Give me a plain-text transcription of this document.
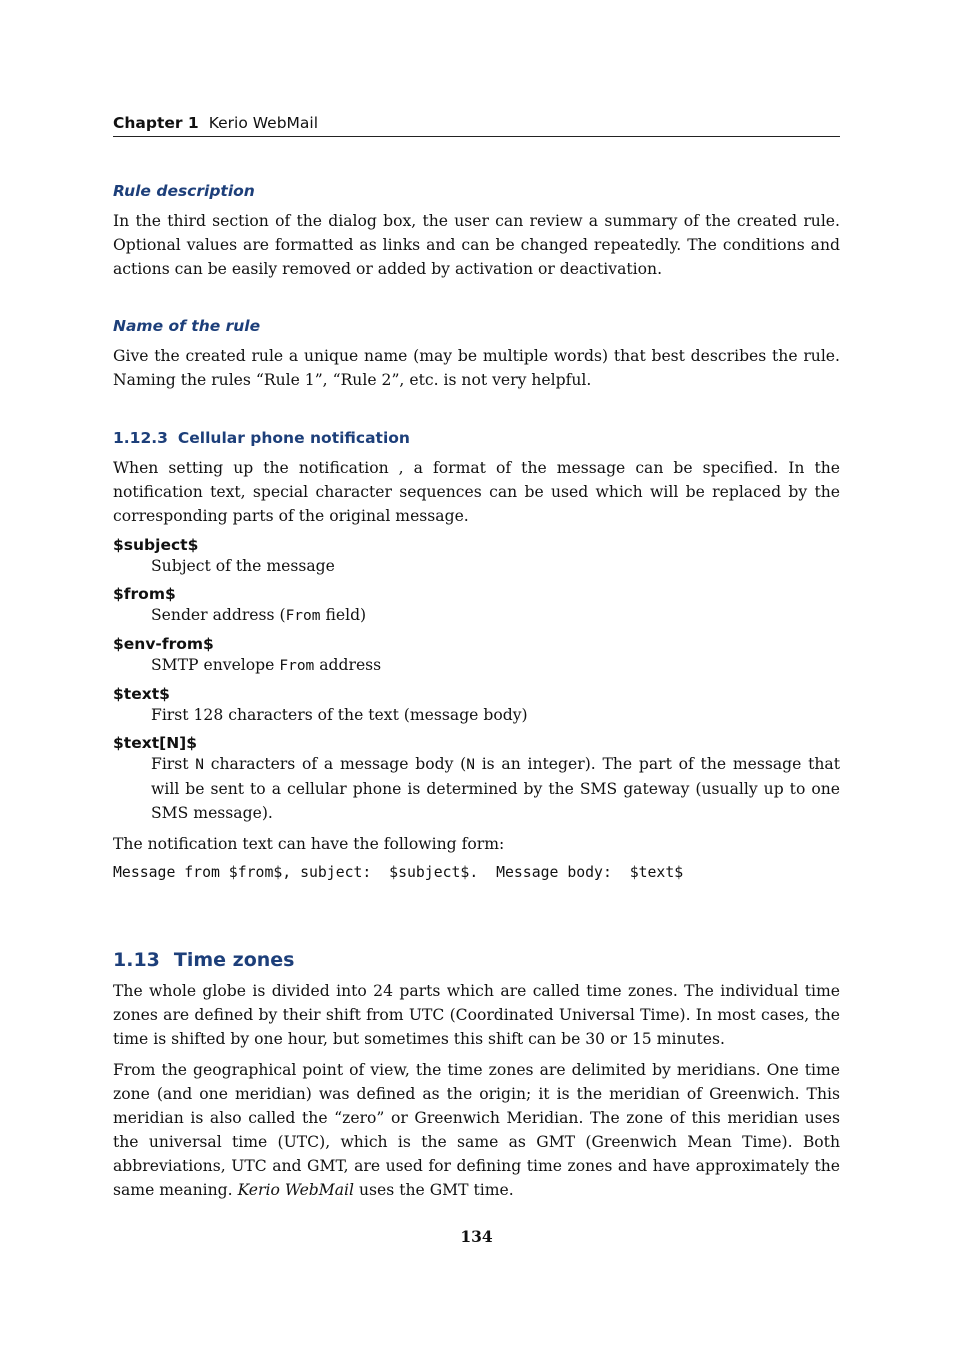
Chapter 1 Kerio WebMail
Rule description

In the third section of the dialog box, the user can review a summary of the created rule. Optional values are formatted as links and can be changed repeatedly. The conditions and actions can be easily removed or added by activation or deactivation.

Name of the rule

Give the created rule a unique name (may be multiple words) that best describes the rule. Naming the rules “Rule 1”, “Rule 2”, etc. is not very helpful.

1.12.3 Cellular phone notification

When setting up the notification , a format of the message can be specified. In the notification text, special character sequences can be used which will be replaced by the corresponding parts of the original message.

$subject$

Subject of the message

$from$

Sender address (From field)

$env-from$

SMTP envelope From address

$text$

First 128 characters of the text (message body)

$text[N]$

First N characters of a message body (N is an integer). The part of the message that will be sent to a cellular phone is determined by the SMS gateway (usually up to one SMS message).

The notification text can have the following form:

Message from $from$, subject:  $subject$.  Message body:  $text$

1.13 Time zones

The whole globe is divided into 24 parts which are called time zones. The individual time zones are defined by their shift from UTC (Coordinated Universal Time). In most cases, the time is shifted by one hour, but sometimes this shift can be 30 or 15 minutes.

From the geographical point of view, the time zones are delimited by meridians. One time zone (and one meridian) was defined as the origin; it is the meridian of Greenwich. This meridian is also called the “zero” or Greenwich Meridian. The zone of this meridian uses the universal time (UTC), which is the same as GMT (Greenwich Mean Time). Both abbreviations, UTC and GMT, are used for defining time zones and have approximately the same meaning. Kerio WebMail uses the GMT time.

134
